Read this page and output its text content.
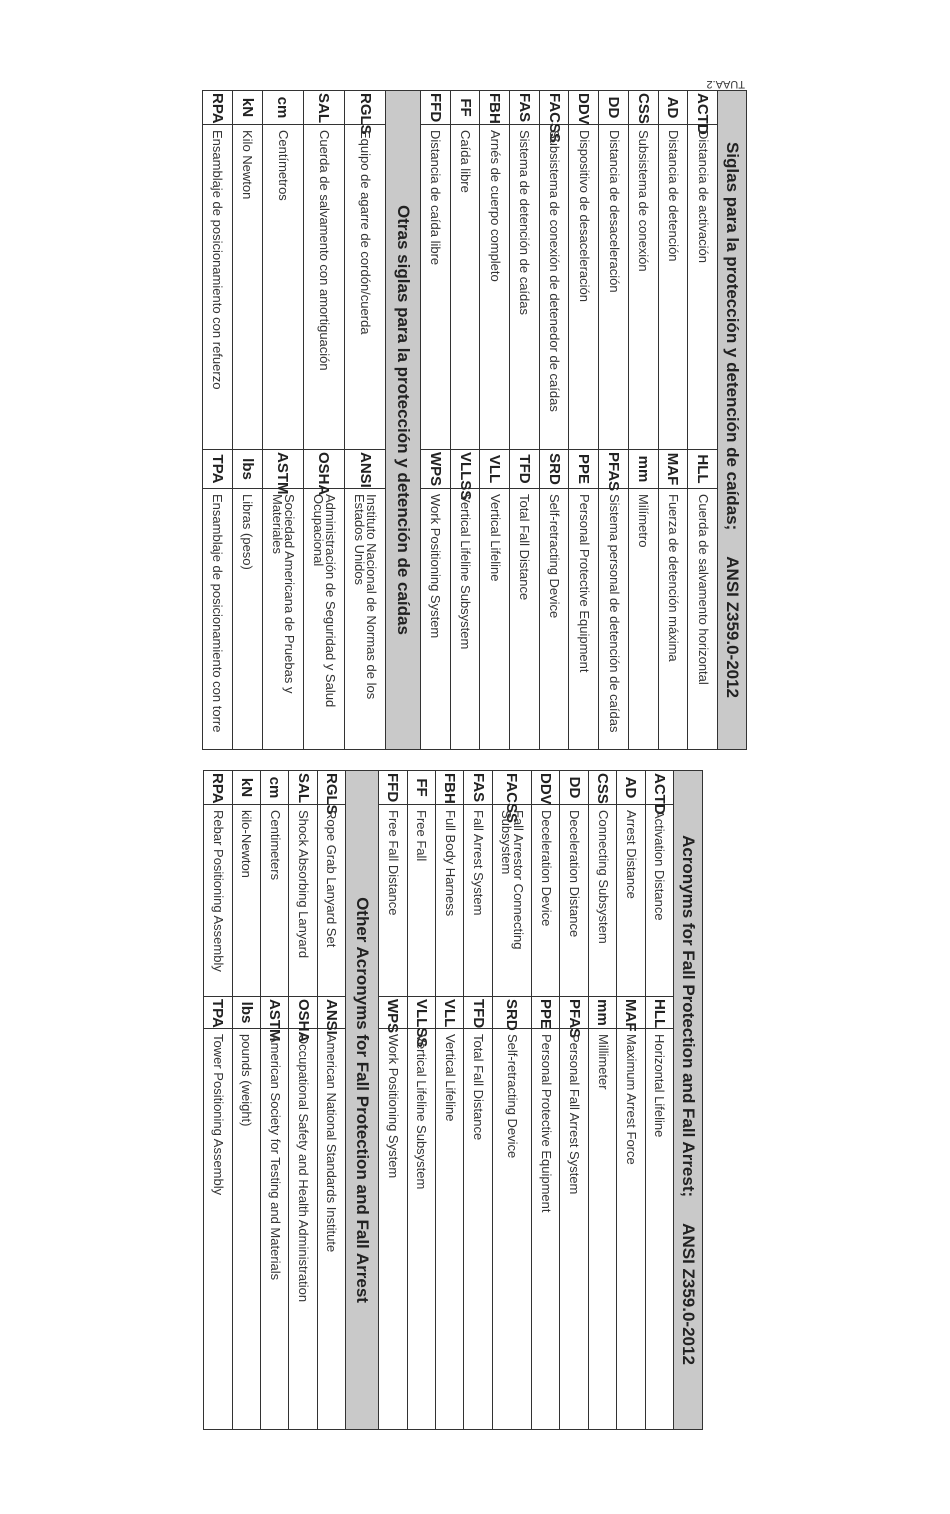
Acronyms for Fall Protection and Fall Arrest;ANSI Z359.0-2012			
ACTD	Activation Distance	HLL	Horizontal Lifeline
AD	Arrest Distance	MAF	Maximum Arrest Force
CSS	Connecting Subsystem	mm	Millimeter
DD	Deceleration Distance	PFAS	Personal Fall Arrest System
DDV	Deceleration Device	PPE	Personal Protective Equipment
FACSS	Fall Arrestor Connecting Subsystem	SRD	Self-retracting Device
FAS	Fall Arrest System	TFD	Total Fall Distance
FBH	Full Body Harness	VLL	Vertical Lifeline
FF	Free Fall	VLLSS	Vertical Lifeline Subsystem
FFD	Free Fall Distance	WPS	Work Positioning System
Other Acronyms for Fall Protection and Fall Arrest			
RGLS	Rope Grab Lanyard Set	ANSI	American National Standards Institute
SAL	Shock Absorbing Lanyard	OSHA	Occupational Safety and Health Administration
cm	Centimeters	ASTM	American Society for Testing and Materials
kN	kilo-Newton	lbs	pounds (weight)
RPA	Rebar Positioning Assembly	TPA	Tower Positioning Assembly
Siglas para la protección y detención de caídas;ANSI Z359.0-2012			
ACTD	Distancia de activación	HLL	Cuerda de salvamento horizontal
AD	Distancia de detención	MAF	Fuerza de detención máxima
CSS	Subsistema de conexión	mm	Milímetro
DD	Distancia de desaceleración	PFAS	Sistema personal de detención de caídas
DDV	Dispositivo de desaceleración	PPE	Personal Protective Equipment
FACSS	Subsistema de conexión de detenedor de caídas	SRD	Self-retracting Device
FAS	Sistema de detención de caídas	TFD	Total Fall Distance
FBH	Arnés de cuerpo completo	VLL	Vertical Lifeline
FF	Caída libre	VLLSS	Vertical Lifeline Subsystem
FFD	Distancia de caída libre	WPS	Work Positioning System
Otras siglas para la protección y detención de caídas			
RGLS	Equipo de agarre de cordón/cuerda	ANSI	Instituto Nacional de Normas de los Estados Unidos
SAL	Cuerda de salvamento con amortiguación	OSHA	Administración de Seguridad y Salud Ocupacional
cm	Centímetros	ASTM	Sociedad Americana de Pruebas y Materiales
kN	Kilo Newton	lbs	Libras (peso)
RPA	Ensamblaje de posicionamiento con refuerzo	TPA	Ensamblaje de posicionamiento con torre
TUAA.2
